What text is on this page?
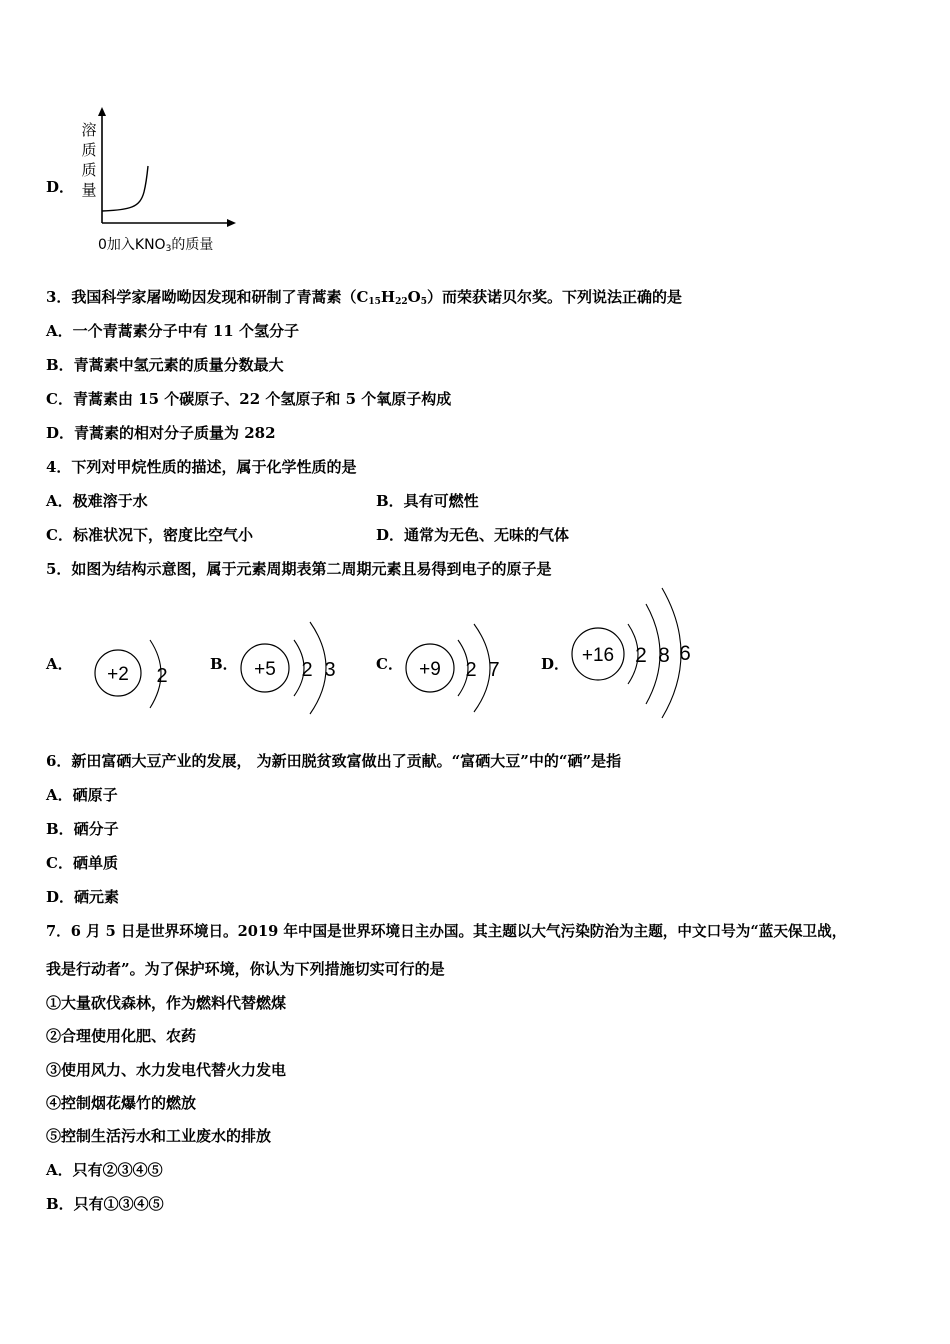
D．
溶
质
质
量
0加入$KNO_3$的质量
3．我国科学家屠呦呦因发现和研制了青蒿素$(C_{15}H_{22}O_5)$而荣获诺贝尔奖。下列说法正确的是
A．一个青蒿素分子中有 11 个氢分子
B．青蒿素中氢元素的质量分数最大
C．青蒿素由 15 个碳原子、22 个氢原子和 5 个氧原子构成
D．青蒿素的相对分子质量为 282
4．下列对甲烷性质的描述，属于化学性质的是
A．极难溶于水	B．具有可燃性
C．标准状况下，密度比空气小	D．通常为无色、无味的气体
5．如图为结构示意图，属于元素周期表第二周期元素且易得到电子的原子是
A． +2 2
B． +5 2 3	C． +9 2 7	D． +16 2 8 6
6．新田富硒大豆产业的发展， 为新田脱贫致富做出了贡献。“富硒大豆”中的“硒”是指
A．硒原子
B．硒分子
C．硒单质
D．硒元素
7．6 月 5 日是世界环境日。2019 年中国是世界环境日主办国。其主题以大气污染防治为主题，中文口号为“蓝天保卫战，
我是行动者”。为了保护环境，你认为下列措施切实可行的是
①大量砍伐森林，作为燃料代替燃煤
②合理使用化肥、农药
③使用风力、水力发电代替火力发电
④控制烟花爆竹的燃放
⑤控制生活污水和工业废水的排放
A．只有②③④⑤
B．只有①③④⑤
